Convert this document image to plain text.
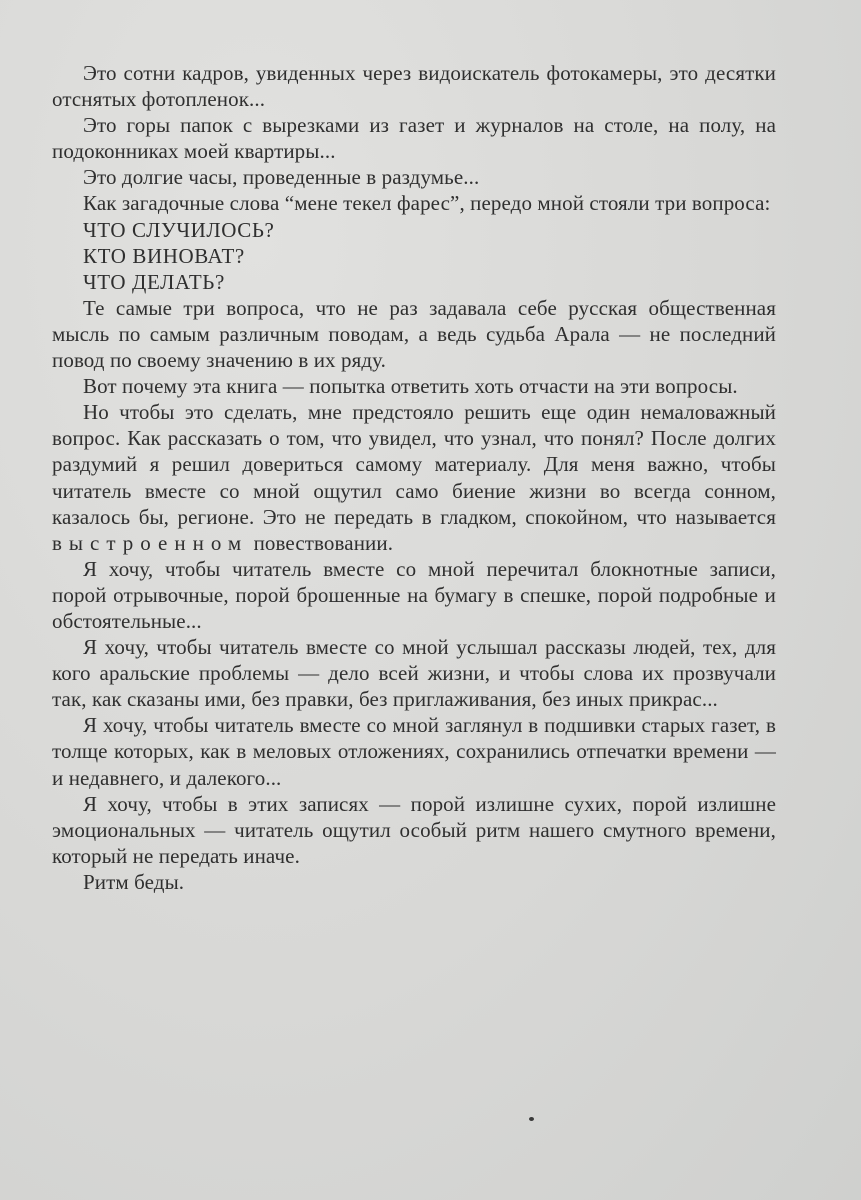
Это сотни кадров, увиденных через видоискатель фотокамеры, это десятки отснятых фотопленок...

Это горы папок с вырезками из газет и журналов на столе, на полу, на подоконниках моей квартиры...

Это долгие часы, проведенные в раздумье...

Как загадочные слова “мене текел фарес”, передо мной стояли три вопроса:

ЧТО СЛУЧИЛОСЬ?

КТО ВИНОВАТ?

ЧТО ДЕЛАТЬ?

Те самые три вопроса, что не раз задавала себе русская общественная мысль по самым различным поводам, а ведь судьба Арала — не последний повод по своему значению в их ряду.

Вот почему эта книга — попытка ответить хоть отчасти на эти вопросы.

Но чтобы это сделать, мне предстояло решить еще один немаловажный вопрос. Как рассказать о том, что увидел, что узнал, что понял? После долгих раздумий я решил довериться самому материалу. Для меня важно, чтобы читатель вместе со мной ощутил само биение жизни во всегда сонном, казалось бы, регионе. Это не передать в гладком, спокойном, что называется выстроенном повествовании.

Я хочу, чтобы читатель вместе со мной перечитал блокнотные записи, порой отрывочные, порой брошенные на бумагу в спешке, порой подробные и обстоятельные...

Я хочу, чтобы читатель вместе со мной услышал рассказы людей, тех, для кого аральские проблемы — дело всей жизни, и чтобы слова их прозвучали так, как сказаны ими, без правки, без приглаживания, без иных прикрас...

Я хочу, чтобы читатель вместе со мной заглянул в подшивки старых газет, в толще которых, как в меловых отложениях, сохранились отпечатки времени — и недавнего, и далекого...

Я хочу, чтобы в этих записях — порой излишне сухих, порой излишне эмоциональных — читатель ощутил особый ритм нашего смутного времени, который не передать иначе.

Ритм беды.
